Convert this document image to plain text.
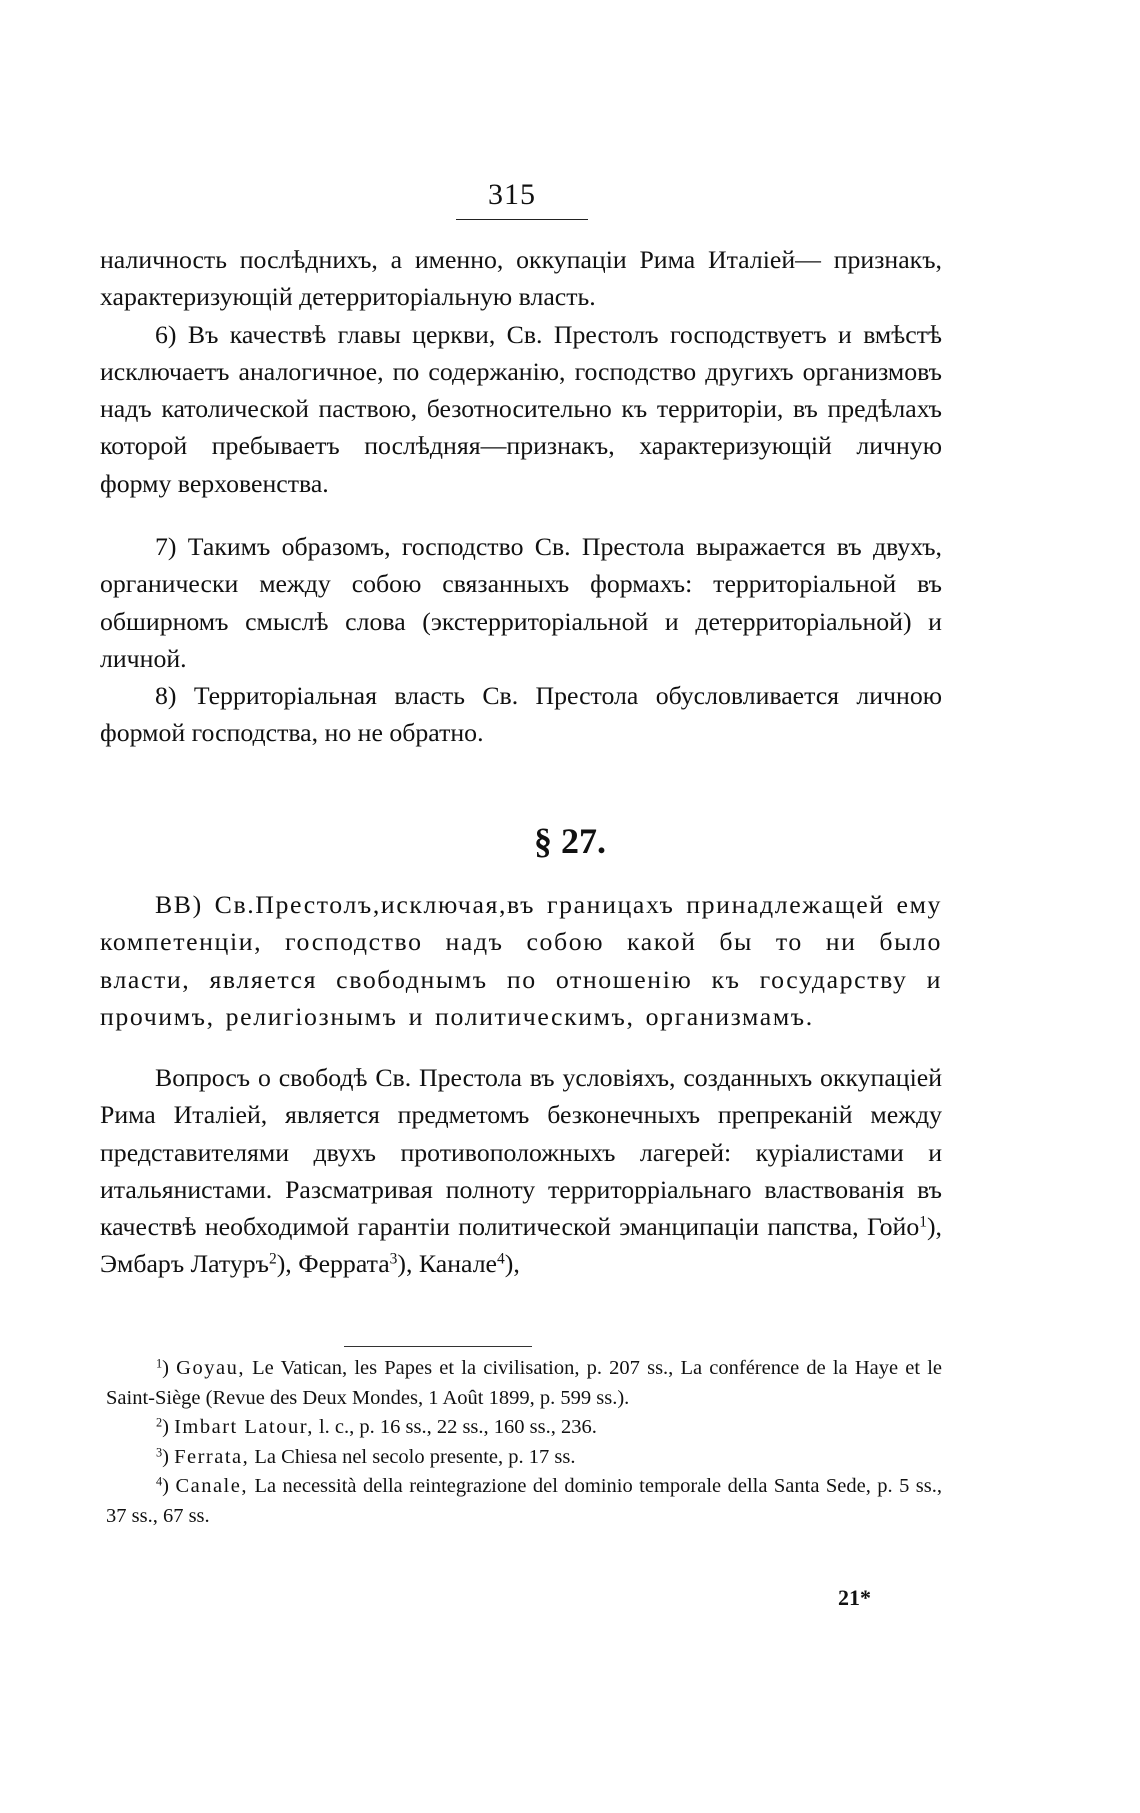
315

наличность послѣднихъ, а именно, оккупаціи Рима Италіей— признакъ, характеризующій детерриторіальную власть.

6) Въ качествѣ главы церкви, Св. Престолъ господствуетъ и вмѣстѣ исключаетъ аналогичное, по содержанію, господство другихъ организмовъ надъ католической паствою, безотносительно къ территоріи, въ предѣлахъ которой пребываетъ послѣдняя—признакъ, характеризующій личную форму верховенства.

7) Такимъ образомъ, господство Св. Престола выражается въ двухъ, органически между собою связанныхъ формахъ: территоріальной въ обширномъ смыслѣ слова (экстерриторіальной и детерриторіальной) и личной.

8) Территоріальная власть Св. Престола обусловливается личною формой господства, но не обратно.

§ 27.

ВВ) Св.Престолъ,исключая,въ границахъ принадлежащей ему компетенціи, господство надъ собою какой бы то ни было власти, является свободнымъ по отношенію къ государству и прочимъ, религіознымъ и политическимъ, организмамъ.

Вопросъ о свободѣ Св. Престола въ условіяхъ, созданныхъ оккупаціей Рима Италіей, является предметомъ безконечныхъ препреканій между представителями двухъ противоположныхъ лагерей: куріалистами и итальянистами. Разсматривая полноту территорріальнаго властвованія въ качествѣ необходимой гарантіи политической эманципаціи папства, Гойо$^1$), Эмбаръ Латуръ$^2$), Феррата$^3$), Канале$^4$),

$^1$) Goyau, Le Vatican, les Papes et la civilisation, p. 207 ss., La conférence de la Haye et le Saint-Siège (Revue des Deux Mondes, 1 Août 1899, p. 599 ss.).

$^2$) Imbart Latour, l. c., p. 16 ss., 22 ss., 160 ss., 236.

$^3$) Ferrata, La Chiesa nel secolo presente, p. 17 ss.

$^4$) Canale, La necessità della reintegrazione del dominio temporale della Santa Sede, p. 5 ss., 37 ss., 67 ss.

21*
